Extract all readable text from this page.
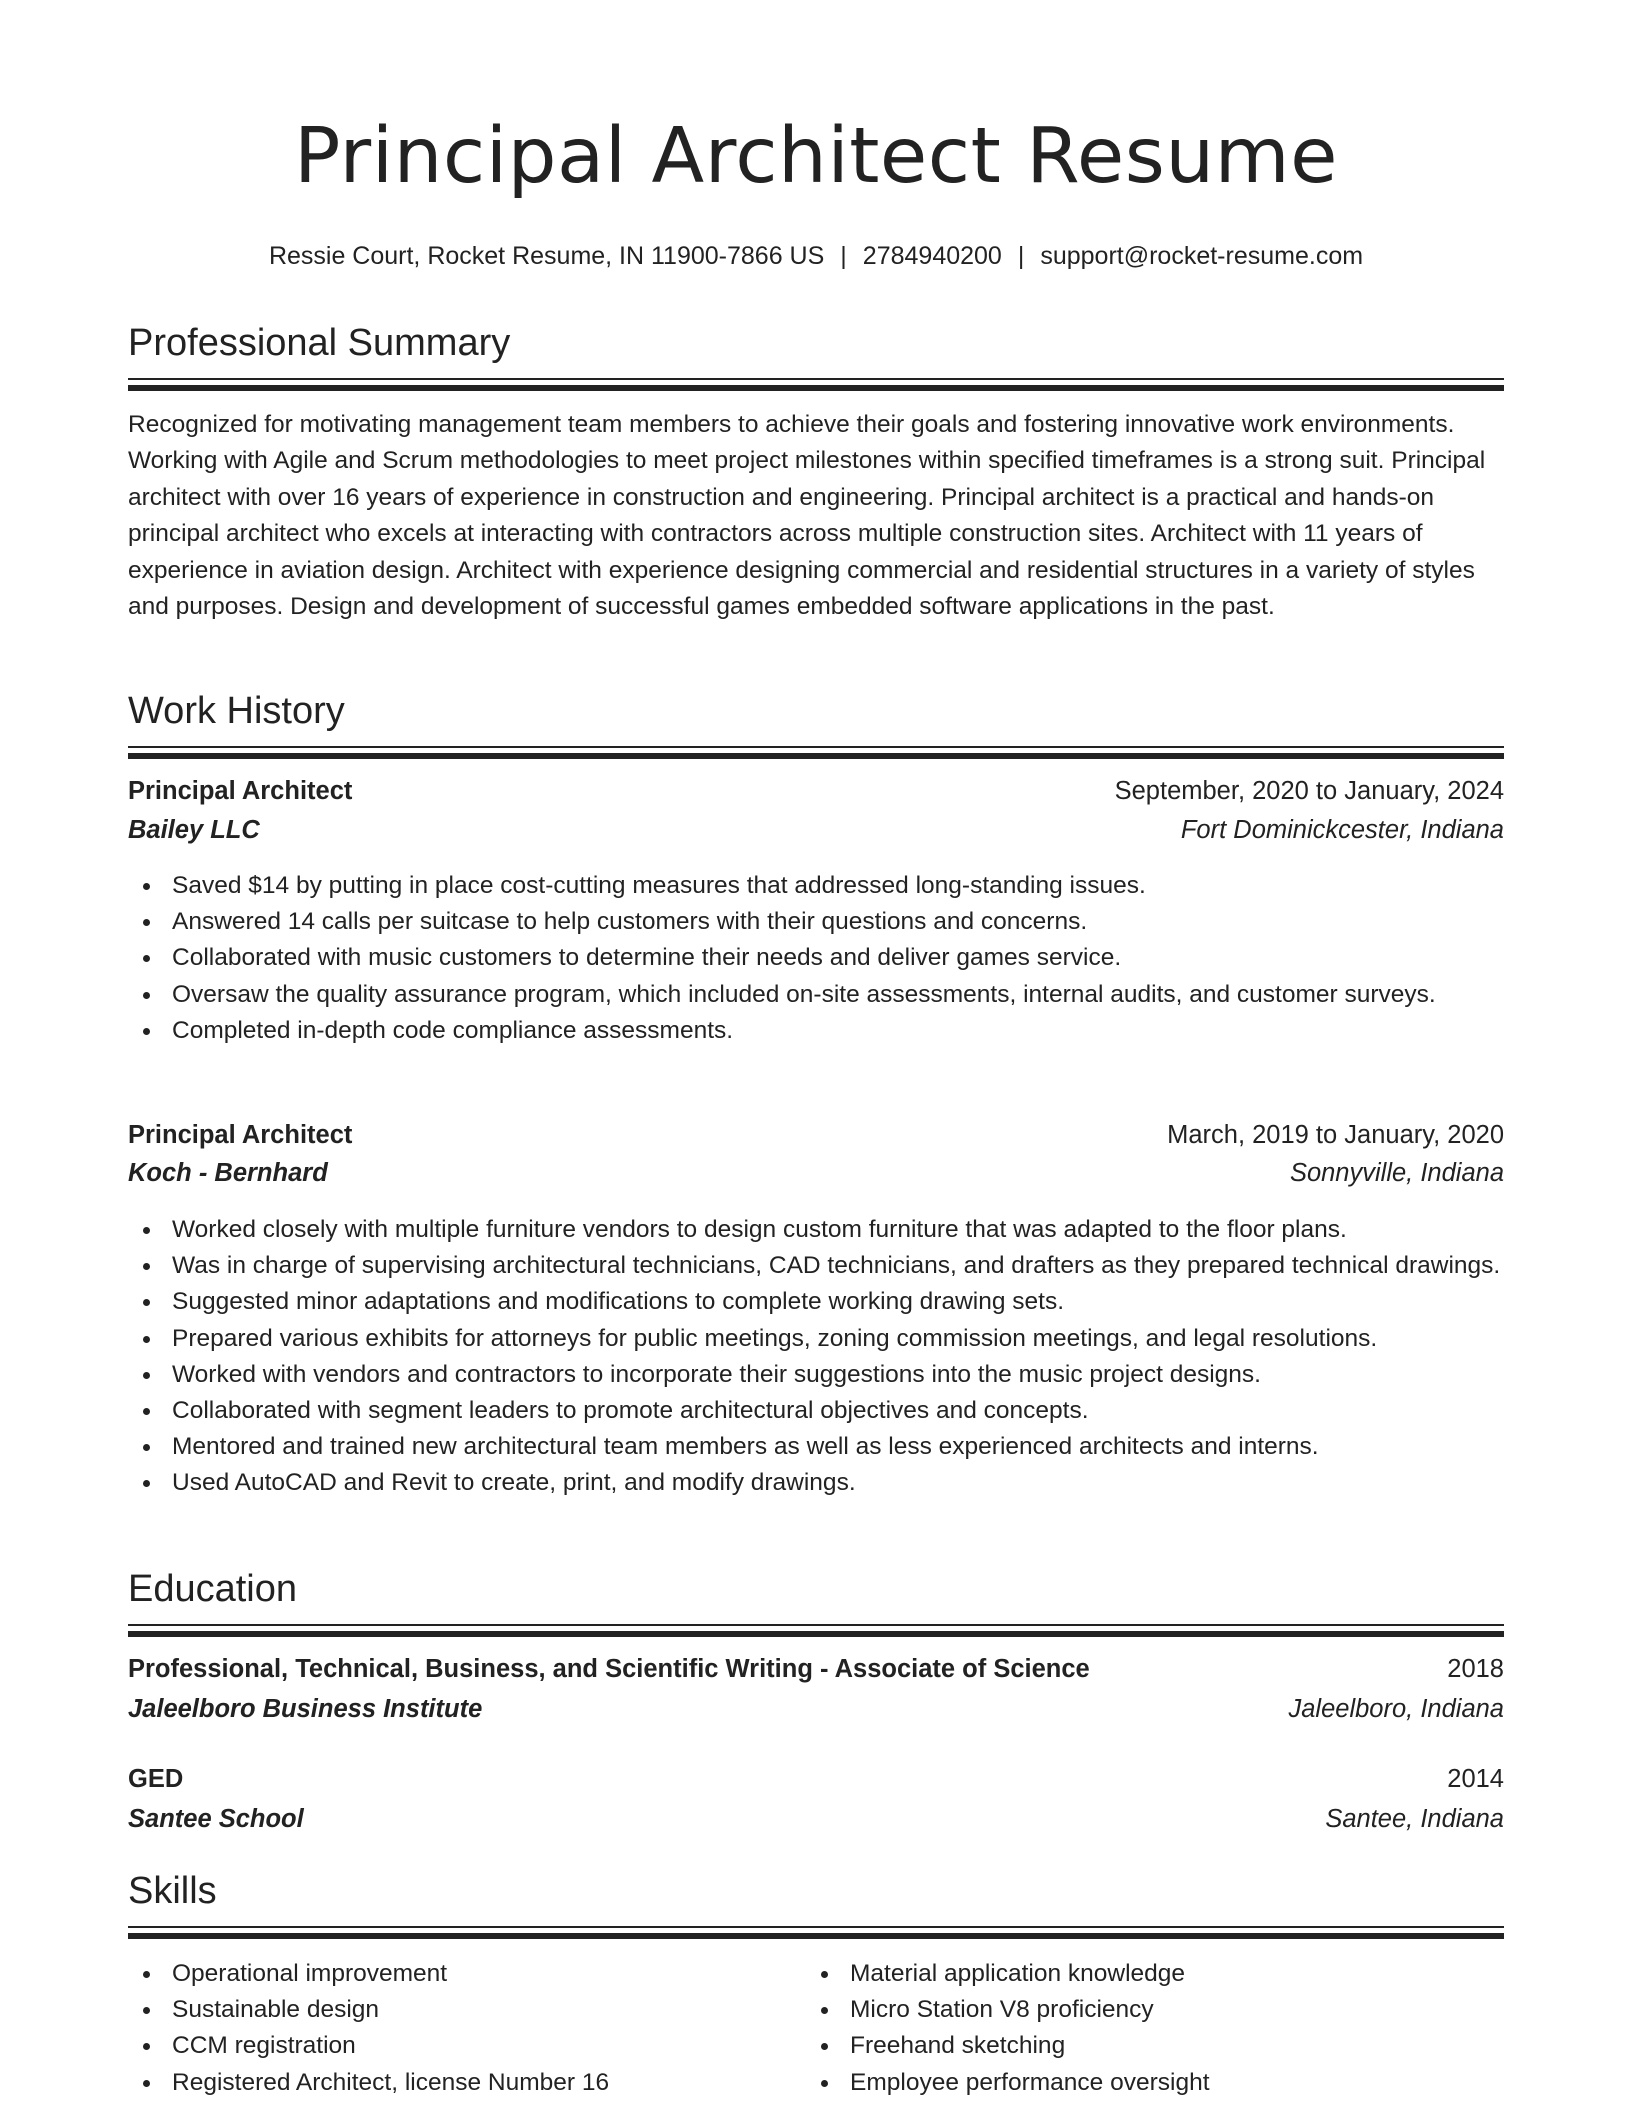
Principal Architect Resume
Ressie Court, Rocket Resume, IN 11900-7866 US | 2784940200 | support@rocket-resume.com
Professional Summary

Recognized for motivating management team members to achieve their goals and fostering innovative work environments. Working with Agile and Scrum methodologies to meet project milestones within specified timeframes is a strong suit. Principal architect with over 16 years of experience in construction and engineering. Principal architect is a practical and hands-on principal architect who excels at interacting with contractors across multiple construction sites. Architect with 11 years of experience in aviation design. Architect with experience designing commercial and residential structures in a variety of styles and purposes. Design and development of successful games embedded software applications in the past.

Work History
Principal Architect	September, 2020 to January, 2024
Bailey LLC	Fort Dominickcester, Indiana
Saved $14 by putting in place cost-cutting measures that addressed long-standing issues.
Answered 14 calls per suitcase to help customers with their questions and concerns.
Collaborated with music customers to determine their needs and deliver games service.
Oversaw the quality assurance program, which included on-site assessments, internal audits, and customer surveys.
Completed in-depth code compliance assessments.
Principal Architect	March, 2019 to January, 2020
Koch - Bernhard	Sonnyville, Indiana
Worked closely with multiple furniture vendors to design custom furniture that was adapted to the floor plans.
Was in charge of supervising architectural technicians, CAD technicians, and drafters as they prepared technical drawings.
Suggested minor adaptations and modifications to complete working drawing sets.
Prepared various exhibits for attorneys for public meetings, zoning commission meetings, and legal resolutions.
Worked with vendors and contractors to incorporate their suggestions into the music project designs.
Collaborated with segment leaders to promote architectural objectives and concepts.
Mentored and trained new architectural team members as well as less experienced architects and interns.
Used AutoCAD and Revit to create, print, and modify drawings.
Education
Professional, Technical, Business, and Scientific Writing - Associate of Science	2018
Jaleelboro Business Institute	Jaleelboro, Indiana
GED	2014
Santee School	Santee, Indiana
Skills
Operational improvement
Sustainable design
CCM registration
Registered Architect, license Number 16
Material application knowledge
Micro Station V8 proficiency
Freehand sketching
Employee performance oversight
